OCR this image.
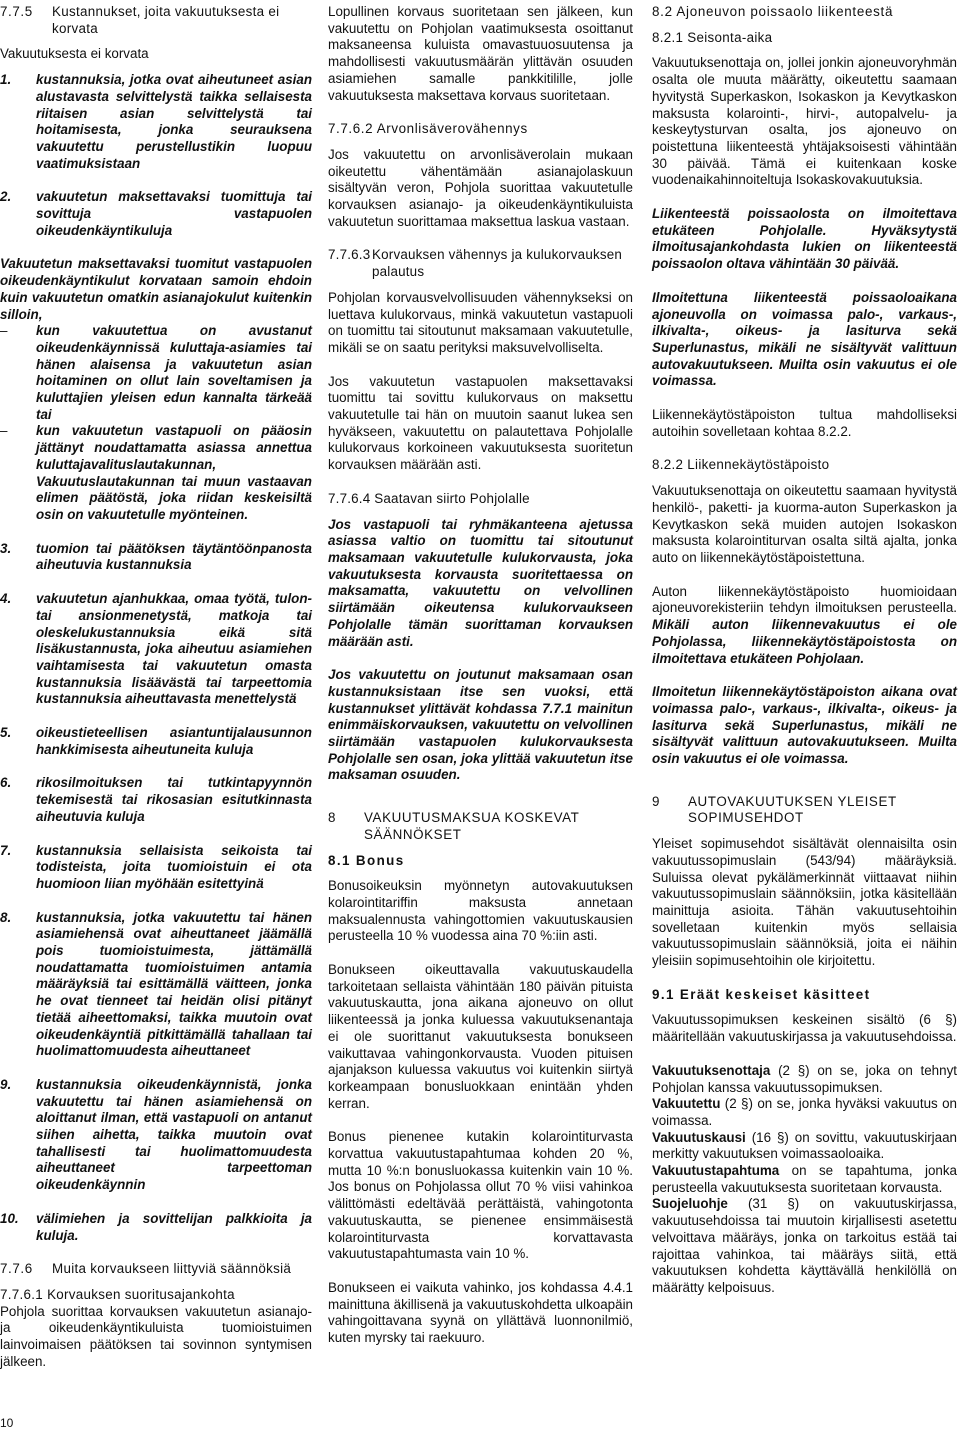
7.7.5	Kustannukset, joita vakuutuksesta ei korvata

Vakuutuksesta ei korvata

1.	kustannuksia, jotka ovat aiheutuneet asian alustavasta selvittelystä taikka sellaisesta riitaisen asian selvittelystä tai hoitamisesta, jonka seurauksena vakuutettu perustellustikin luopuu vaatimuksistaan

2.	vakuutetun maksettavaksi tuomittuja tai sovittuja vastapuolen oikeudenkäyntikuluja

Vakuutetun maksettavaksi tuomitut vastapuolen oikeudenkäyntikulut korvataan samoin ehdoin kuin vakuutetun omatkin asianajokulut kuitenkin silloin,

–	kun vakuutettua on avustanut oikeudenkäynnissä kuluttaja-asiamies tai hänen alaisensa ja vakuutetun asian hoitaminen on ollut lain soveltamisen ja kuluttajien yleisen edun kannalta tärkeää tai

–	kun vakuutetun vastapuoli on pääosin jättänyt noudattamatta asiassa annettua kuluttajavalituslautakunnan, Vakuutuslautakunnan tai muun vastaavan elimen päätöstä, joka riidan keskeisiltä osin on vakuutetulle myönteinen.

3.	tuomion tai päätöksen täytäntöönpanosta aiheutuvia kustannuksia

4.	vakuutetun ajanhukkaa, omaa työtä, tulon- tai ansionmenetystä, matkoja tai oleskelukustannuksia eikä sitä lisäkustannusta, joka aiheutuu asiamiehen vaihtamisesta tai vakuutetun omasta kustannuksia lisäävästä tai tarpeettomia kustannuksia aiheuttavasta menettelystä

5.	oikeustieteellisen asiantuntijalausunnon hankkimisesta aiheutuneita kuluja

6.	rikosilmoituksen tai tutkintapyynnön tekemisestä tai rikosasian esitutkinnasta aiheutuvia kuluja

7.	kustannuksia sellaisista seikoista tai todisteista, joita tuomioistuin ei ota huomioon liian myöhään esitettyinä

8.	kustannuksia, jotka vakuutettu tai hänen asiamiehensä ovat aiheuttaneet jäämällä pois tuomioistuimesta, jättämällä noudattamatta tuomioistuimen antamia määräyksiä tai esittämällä väitteen, jonka he ovat tienneet tai heidän olisi pitänyt tietää aiheettomaksi, taikka muutoin ovat oikeudenkäyntiä pitkittämällä tahallaan tai huolimattomuudesta aiheuttaneet

9.	kustannuksia oikeudenkäynnistä, jonka vakuutettu tai hänen asiamiehensä on aloittanut ilman, että vastapuoli on antanut siihen aihetta, taikka muutoin ovat tahallisesti tai huolimattomuudesta aiheuttaneet tarpeettoman oikeudenkäynnin

10.	välimiehen ja sovittelijan palkkioita ja kuluja.

7.7.6	Muita korvaukseen liittyviä säännöksiä

7.7.6.1 Korvauksen suoritusajankohta

Pohjola suorittaa korvauksen vakuutetun asianajo- ja oikeudenkäyntikuluista tuomioistuimen lainvoimaisen päätöksen tai sovinnon syntymisen jälkeen.

Lopullinen korvaus suoritetaan sen jälkeen, kun vakuutettu on Pohjolan vaatimuksesta osoittanut maksaneensa kuluista omavastuuosuutensa ja mahdollisesti vakuutusmäärän ylittävän osuuden asiamiehen samalle pankkitilille, jolle vakuutuksesta maksettava korvaus suoritetaan.

7.7.6.2 Arvonlisäverovähennys

Jos vakuutettu on arvonlisäverolain mukaan oikeutettu vähentämään asianajolaskuun sisältyvän veron, Pohjola suorittaa vakuutetulle korvauksen asianajo- ja oikeudenkäyntikuluista vakuutetun suorittamaa maksettua laskua vastaan.

7.7.6.3 Korvauksen vähennys ja kulukorvauksen palautus

Pohjolan korvausvelvollisuuden vähennykseksi on luettava kulukorvaus, minkä vakuutetun vastapuoli on tuomittu tai sitoutunut maksamaan vakuutetulle, mikäli se on saatu perityksi maksuvelvolliselta.

Jos vakuutetun vastapuolen maksettavaksi tuomittu tai sovittu kulukorvaus on maksettu vakuutetulle tai hän on muutoin saanut lukea sen hyväkseen, vakuutettu on palautettava Pohjolalle kulukorvaus korkoineen vakuutuksesta suoritetun korvauksen määrään asti.

7.7.6.4 Saatavan siirto Pohjolalle

Jos vastapuoli tai ryhmäkanteena ajetussa asiassa valtio on tuomittu tai sitoutunut maksamaan vakuutetulle kulukorvausta, joka vakuutuksesta korvausta suoritettaessa on maksamatta, vakuutettu on velvollinen siirtämään oikeutensa kulukorvaukseen Pohjolalle tämän suorittaman korvauksen määrään asti.

Jos vakuutettu on joutunut maksamaan osan kustannuksistaan itse sen vuoksi, että kustannukset ylittävät kohdassa 7.7.1 mainitun enimmäiskorvauksen, vakuutettu on velvollinen siirtämään vastapuolen kulukorvauksesta Pohjolalle sen osan, joka ylittää vakuutetun itse maksaman osuuden.

8	VAKUUTUSMAKSUA KOSKEVAT SÄÄNNÖKSET

8.1 Bonus

Bonusoikeuksin myönnetyn autovakuutuksen kolarointitariffin maksusta annetaan maksualennusta vahingottomien vakuutuskausien perusteella 10 % vuodessa aina 70 %:iin asti.

Bonukseen oikeuttavalla vakuutuskaudella tarkoitetaan sellaista vähintään 180 päivän pituista vakuutuskautta, jona aikana ajoneuvo on ollut liikenteessä ja jonka kuluessa vakuutuksenantaja ei ole suorittanut vakuutuksesta bonukseen vaikuttavaa vahingonkorvausta. Vuoden pituisen ajanjakson kuluessa vakuutus voi kuitenkin siirtyä korkeampaan bonusluokkaan enintään yhden kerran.

Bonus pienenee kutakin kolarointiturvasta korvattua vakuutustapahtumaa kohden 20 %, mutta 10 %:n bonusluokassa kuitenkin vain 10 %. Jos bonus on Pohjolassa ollut 70 % viisi vahinkoa välittömästi edeltävää perättäistä, vahingotonta vakuutuskautta, se pienenee ensimmäisestä kolarointiturvasta korvattavasta vakuutustapahtumasta vain 10 %.

Bonukseen ei vaikuta vahinko, jos kohdassa 4.4.1 mainittuna äkillisenä ja vakuutuskohdetta ulkoapäin vahingoittavana syynä on yllättävä luonnonilmiö, kuten myrsky tai raekuuro.

8.2 Ajoneuvon poissaolo liikenteestä

8.2.1 Seisonta-aika

Vakuutuksenottaja on, jollei jonkin ajoneuvoryhmän osalta ole muuta määrätty, oikeutettu saamaan hyvitystä Superkaskon, Isokaskon ja Kevytkaskon maksusta kolarointi-, hirvi-, autopalvelu- ja keskeytysturvan osalta, jos ajoneuvo on poistettuna liikenteestä yhtäjaksoisesti vähintään 30 päivää. Tämä ei kuitenkaan koske vuodenaikahinnoiteltuja Isokaskovakuutuksia.

Liikenteestä poissaolosta on ilmoitettava etukäteen Pohjolalle. Hyväksytystä ilmoitusajankohdasta lukien on liikenteestä poissaolon oltava vähintään 30 päivää.

Ilmoitettuna liikenteestä poissaoloaikana ajoneuvolla on voimassa palo-, varkaus-, ilkivalta-, oikeus- ja lasiturva sekä Superlunastus, mikäli ne sisältyvät valittuun autovakuutukseen. Muilta osin vakuutus ei ole voimassa.

Liikennekäytöstäpoiston tultua mahdolliseksi autoihin sovelletaan kohtaa 8.2.2.

8.2.2 Liikennekäytöstäpoisto

Vakuutuksenottaja on oikeutettu saamaan hyvitystä henkilö-, paketti- ja kuorma-auton Superkaskon ja Kevytkaskon sekä muiden autojen Isokaskon maksusta kolarointiturvan osalta siltä ajalta, jonka auto on liikennekäytöstäpoistettuna.

Auton liikennekäytöstäpoisto huomioidaan ajoneuvorekisteriin tehdyn ilmoituksen perusteella. Mikäli auton liikennevakuutus ei ole Pohjolassa, liikennekäytöstäpoistosta on ilmoitettava etukäteen Pohjolaan.

Ilmoitetun liikennekäytöstäpoiston aikana ovat voimassa palo-, varkaus-, ilkivalta-, oikeus- ja lasiturva sekä Superlunastus, mikäli ne sisältyvät valittuun autovakuutukseen. Muilta osin vakuutus ei ole voimassa.

9	AUTOVAKUUTUKSEN YLEISET SOPIMUSEHDOT

Yleiset sopimusehdot sisältävät olennaisilta osin vakuutussopimuslain (543/94) määräyksiä. Suluissa olevat pykälämerkinnät viittaavat niihin vakuutussopimuslain säännöksiin, jotka käsitellään mainittuja asioita. Tähän vakuutusehtoihin sovelletaan kuitenkin myös sellaisia vakuutussopimuslain säännöksiä, joita ei näihin yleisiin sopimusehtoihin ole kirjoitettu.

9.1 Eräät keskeiset käsitteet

Vakuutussopimuksen keskeinen sisältö (6 §) määritellään vakuutuskirjassa ja vakuutusehdoissa.

Vakuutuksenottaja (2 §) on se, joka on tehnyt Pohjolan kanssa vakuutussopimuksen.

Vakuutettu (2 §) on se, jonka hyväksi vakuutus on voimassa.

Vakuutuskausi (16 §) on sovittu, vakuutuskirjaan merkitty vakuutuksen voimassaoloaika.

Vakuutustapahtuma on se tapahtuma, jonka perusteella vakuutuksesta suoritetaan korvausta.

Suojeluohje (31 §) on vakuutuskirjassa, vakuutusehdoissa tai muutoin kirjallisesti asetettu velvoittava määräys, jonka on tarkoitus estää tai rajoittaa vahinkoa, tai määräys siitä, että vakuutuksen kohdetta käyttävällä henkilöllä on määrätty kelpoisuus.

10
